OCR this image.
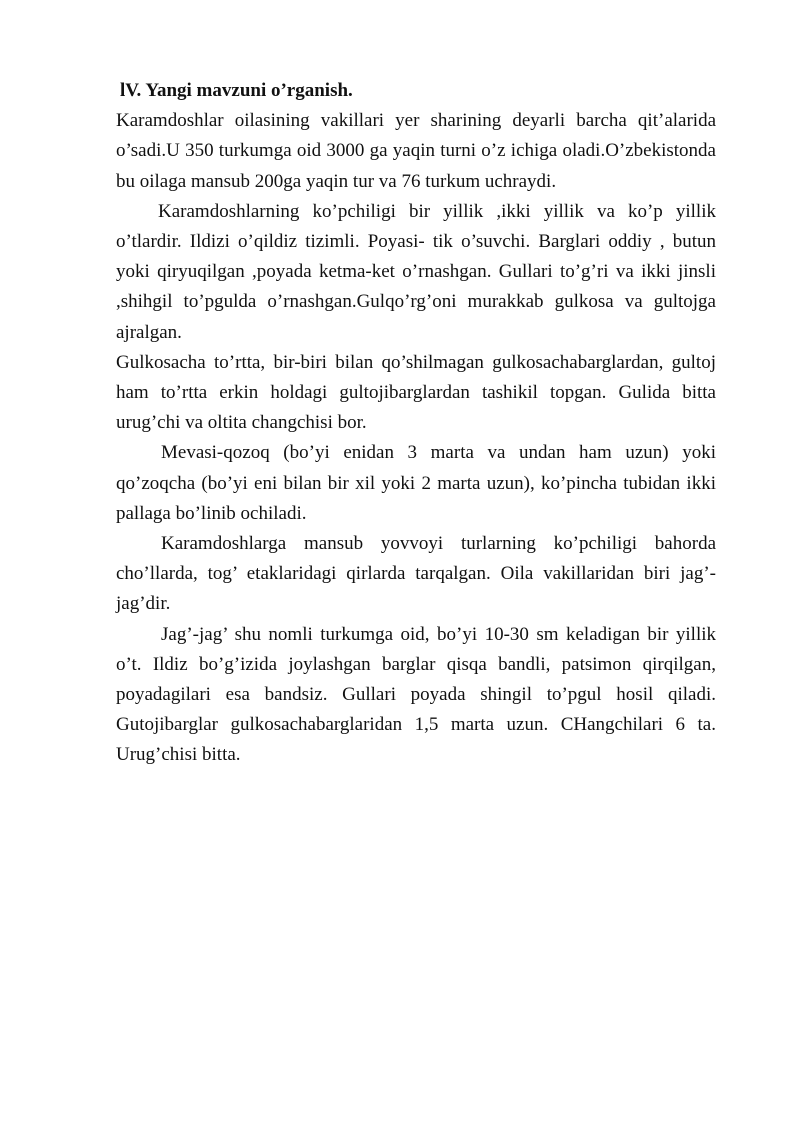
lV. Yangi mavzuni o’rganish.

Karamdoshlar oilasining vakillari yer sharining deyarli barcha qit’alarida o’sadi.U 350 turkumga oid 3000 ga yaqin turni o’z ichiga oladi.O’zbekistonda bu oilaga mansub 200ga yaqin tur va 76 turkum uchraydi.

Karamdoshlarning ko’pchiligi bir yillik ,ikki yillik va ko’p yillik o’tlardir. Ildizi o’qildiz tizimli. Poyasi- tik o’suvchi. Barglari oddiy , butun yoki qiryuqilgan ,poyada ketma-ket o’rnashgan. Gullari to’g’ri va ikki jinsli ,shihgil to’pgulda o’rnashgan.Gulqo’rg’oni murakkab gulkosa va gultojga ajralgan.

Gulkosacha to’rtta, bir-biri bilan qo’shilmagan gulkosachabarglardan, gultoj ham to’rtta erkin holdagi gultojibarglardan tashikil topgan. Gulida bitta urug’chi va oltita changchisi bor.

Mevasi-qozoq (bo’yi enidan 3 marta va undan ham uzun) yoki qo’zoqcha (bo’yi eni bilan bir xil yoki 2 marta uzun), ko’pincha tubidan ikki pallaga bo’linib ochiladi.

Karamdoshlarga mansub yovvoyi turlarning ko’pchiligi bahorda cho’llarda, tog’ etaklaridagi qirlarda tarqalgan. Oila vakillaridan biri jag’-jag’dir.

Jag’-jag’ shu nomli turkumga oid, bo’yi 10-30 sm keladigan bir yillik o’t. Ildiz bo’g’izida joylashgan barglar qisqa bandli, patsimon qirqilgan, poyadagilari esa bandsiz. Gullari poyada shingil to’pgul hosil qiladi. Gutojibarglar gulkosachabarglaridan 1,5 marta uzun. CHangchilari 6 ta. Urug’chisi bitta.
